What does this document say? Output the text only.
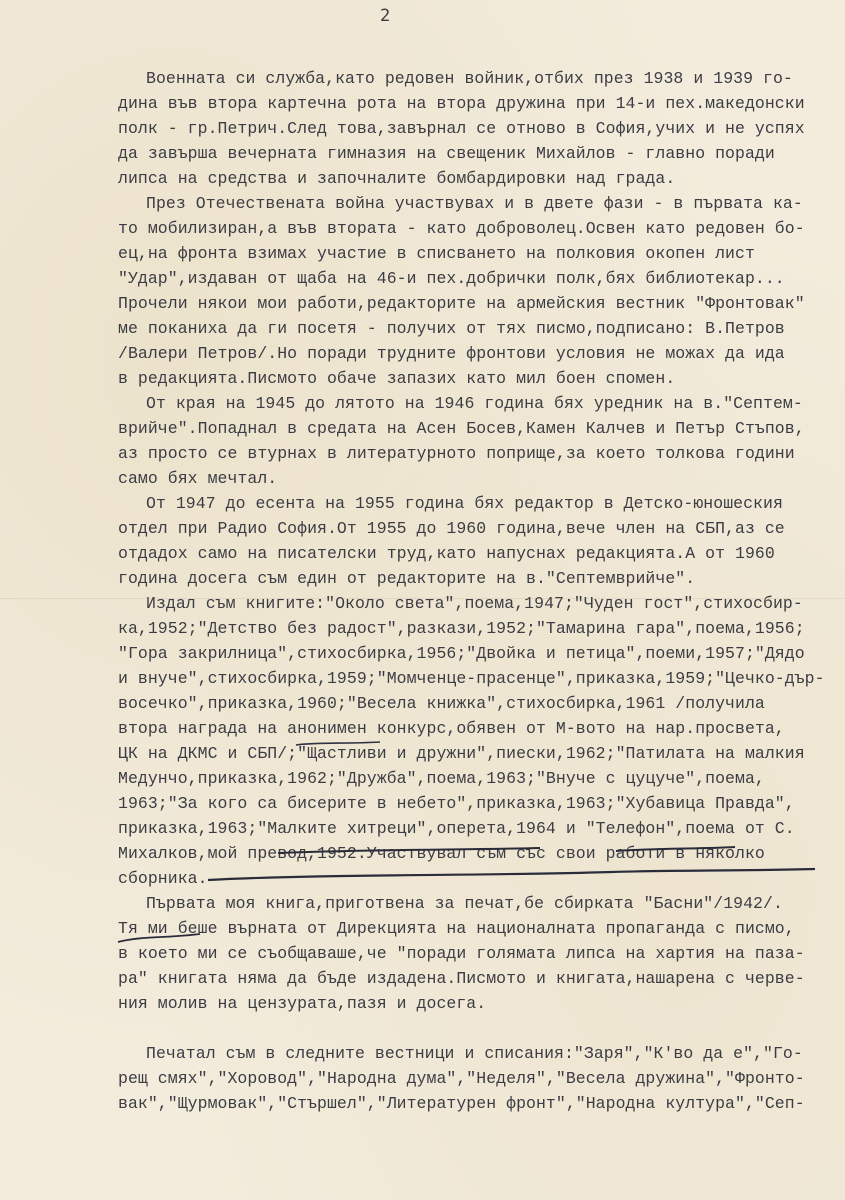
2
Военната си служба,като редовен войник,отбих през 1938 и 1939 го-
дина във втора картечна рота на втора дружина при 14-и пех.македонски
полк - гр.Петрич.След това,завърнал се отново в София,учих и не успях
да завърша вечерната гимназия на свещеник Михайлов - главно поради
липса на средства и започналите бомбардировки над града.
През Отечествената война участвувах и в двете фази - в първата ка-
то мобилизиран,а във втората - като доброволец.Освен като редовен бо-
ец,на фронта взимах участие в списването на полковия окопен лист
"Удар",издаван от щаба на 46-и пех.добрички полк,бях библиотекар...
Прочели някои мои работи,редакторите на армейския вестник "Фронтовак"
ме поканиха да ги посетя - получих от тях писмо,подписано: В.Петров
/Валери Петров/.Но поради трудните фронтови условия не можах да ида
в редакцията.Писмото обаче запазих като мил боен спомен.
От края на 1945 до лятото на 1946 година бях уредник на в."Септем-
врийче".Попаднал в средата на Асен Босев,Камен Калчев и Петър Стъпов,
аз просто се втурнах в литературното поприще,за което толкова години
само бях мечтал.
От 1947 до есента на 1955 година бях редактор в Детско-юношеския
отдел при Радио София.От 1955 до 1960 година,вече член на СБП,аз се
отдадох само на писателски труд,като напуснах редакцията.А от 1960
година досега съм един от редакторите на в."Септемврийче".
Издал съм книгите:"Около света",поема,1947;"Чуден гост",стихосбир-
ка,1952;"Детство без радост",разкази,1952;"Тамарина гара",поема,1956;
"Гора закрилница",стихосбирка,1956;"Двойка и петица",поеми,1957;"Дядо
и внуче",стихосбирка,1959;"Момченце-прасенце",приказка,1959;"Цечко-дър-
восечко",приказка,1960;"Весела книжка",стихосбирка,1961 /получила
втора награда на анонимен конкурс,обявен от М-вото на нар.просвета,
ЦК на ДКМС и СБП/;"Щастливи и дружни",пиески,1962;"Патилата на малкия
Медунчо,приказка,1962;"Дружба",поема,1963;"Внуче с цуцуче",поема,
1963;"За кого са бисерите в небето",приказка,1963;"Хубавица Правда",
приказка,1963;"Малките хитреци",оперета,1964 и "Телефон",поема от С.
Михалков,мой превод,1952.Участвувал съм със свои работи в няколко
сборника.
Първата моя книга,приготвена за печат,бе сбирката "Басни"/1942/.
Тя ми беше върната от Дирекцията на националната пропаганда с писмо,
в което ми се съобщаваше,че "поради голямата липса на хартия на паза-
ра" книгата няма да бъде издадена.Писмото и книгата,нашарена с черве-
ния молив на цензурата,пазя и досега.
Печатал съм в следните вестници и списания:"Заря","К'во да е","Го-
рещ смях","Хоровод","Народна дума","Неделя","Весела дружина","Фронто-
вак","Щурмовак","Стършел","Литературен фронт","Народна култура","Сеп-
